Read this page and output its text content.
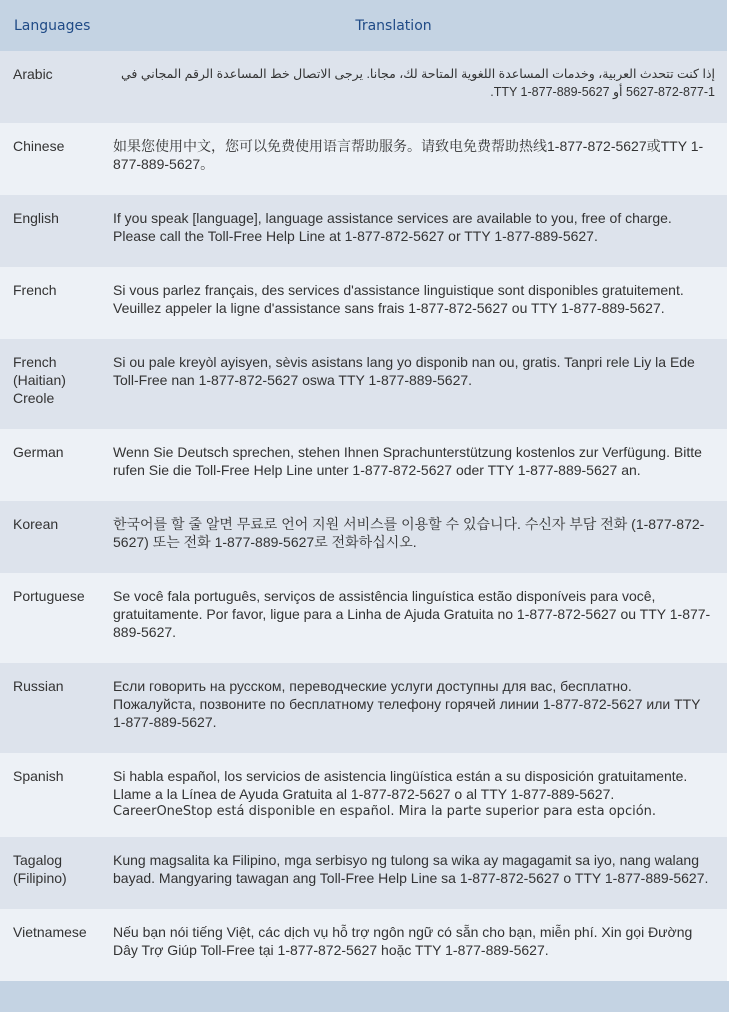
Languages	Translation
Arabic	إذا كنت تتحدث العربية، وخدمات المساعدة اللغوية المتاحة لك، مجانا. يرجى الاتصال خط المساعدة الرقم المجاني في 1-877-872-5627 أو TTY 1-877-889-5627.

Chinese	如果您使用中文，您可以免费使用语言帮助服务。请致电免费帮助热线1-877-872-5627或TTY 1-877-889-5627。
English	If you speak [language], language assistance services are available to you, free of charge. Please call the Toll-Free Help Line at 1-877-872-5627 or TTY 1-877-889-5627.
French	Si vous parlez français, des services d'assistance linguistique sont disponibles gratuitement. Veuillez appeler la ligne d'assistance sans frais 1-877-872-5627 ou TTY 1-877-889-5627.
French (Haitian) Creole	Si ou pale kreyòl ayisyen, sèvis asistans lang yo disponib nan ou, gratis. Tanpri rele Liy la Ede Toll-Free nan 1-877-872-5627 oswa TTY 1-877-889-5627.
German	Wenn Sie Deutsch sprechen, stehen Ihnen Sprachunterstützung kostenlos zur Verfügung. Bitte rufen Sie die Toll-Free Help Line unter 1-877-872-5627 oder TTY 1-877-889-5627 an.
Korean	한국어를 할 줄 알면 무료로 언어 지원 서비스를 이용할 수 있습니다. 수신자 부담 전화 (1-877-872-5627) 또는 전화 1-877-889-5627로 전화하십시오.
Portuguese	Se você fala português, serviços de assistência linguística estão disponíveis para você, gratuitamente. Por favor, ligue para a Linha de Ajuda Gratuita no 1-877-872-5627 ou TTY 1-877-889-5627.
Russian	Если говорить на русском, переводческие услуги доступны для вас, бесплатно. Пожалуйста, позвоните по бесплатному телефону горячей линии 1-877-872-5627 или TTY 1-877-889-5627.
Spanish	Si habla español, los servicios de asistencia lingüística están a su disposición gratuitamente. Llame a la Línea de Ayuda Gratuita al 1-877-872-5627 o al TTY 1-877-889-5627.
CareerOneStop está disponible en español. Mira la parte superior para esta opción.

Tagalog (Filipino)	Kung magsalita ka Filipino, mga serbisyo ng tulong sa wika ay magagamit sa iyo, nang walang bayad. Mangyaring tawagan ang Toll-Free Help Line sa 1-877-872-5627 o TTY 1-877-889-5627.
Vietnamese	Nếu bạn nói tiếng Việt, các dịch vụ hỗ trợ ngôn ngữ có sẵn cho bạn, miễn phí. Xin gọi Đường Dây Trợ Giúp Toll-Free tại 1-877-872-5627 hoặc TTY 1-877-889-5627.
